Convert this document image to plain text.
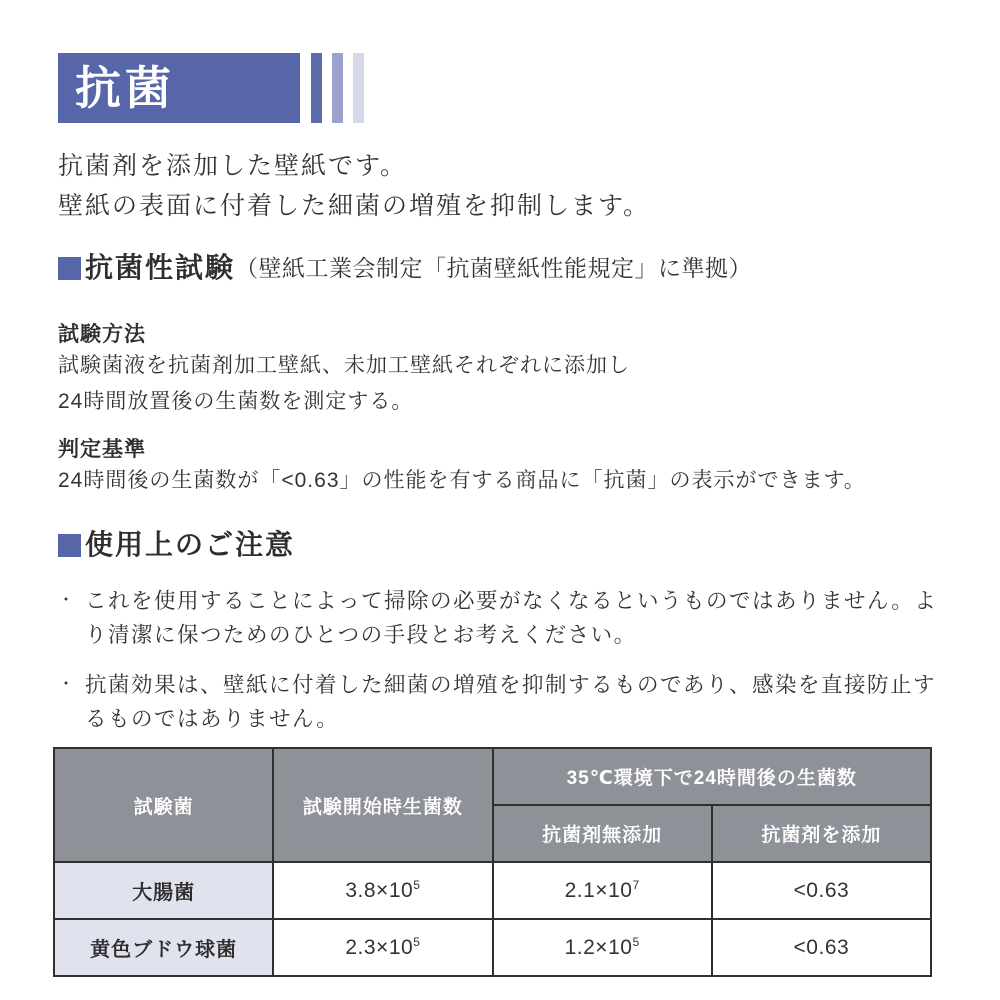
抗菌
抗菌剤を添加した壁紙です。
壁紙の表面に付着した細菌の増殖を抑制します。
抗菌性試験 （壁紙工業会制定「抗菌壁紙性能規定」に準拠）
試験方法
試験菌液を抗菌剤加工壁紙、未加工壁紙それぞれに添加し
24時間放置後の生菌数を測定する。
判定基準
24時間後の生菌数が「<0.63」の性能を有する商品に「抗菌」の表示ができます。
使用上のご注意
・ これを使用することによって掃除の必要がなくなるというものではありません。より清潔に保つためのひとつの手段とお考えください。
・ 抗菌効果は、壁紙に付着した細菌の増殖を抑制するものであり、感染を直接防止するものではありません。
試験菌	試験開始時生菌数	35℃環境下で24時間後の生菌数	
		抗菌剤無添加	抗菌剤を添加
大腸菌	$3.8\times 10^5$	$2.1\times 10^7$	<0.63
黄色ブドウ球菌	$2.3\times 10^5$	$1.2\times 10^5$	<0.63
